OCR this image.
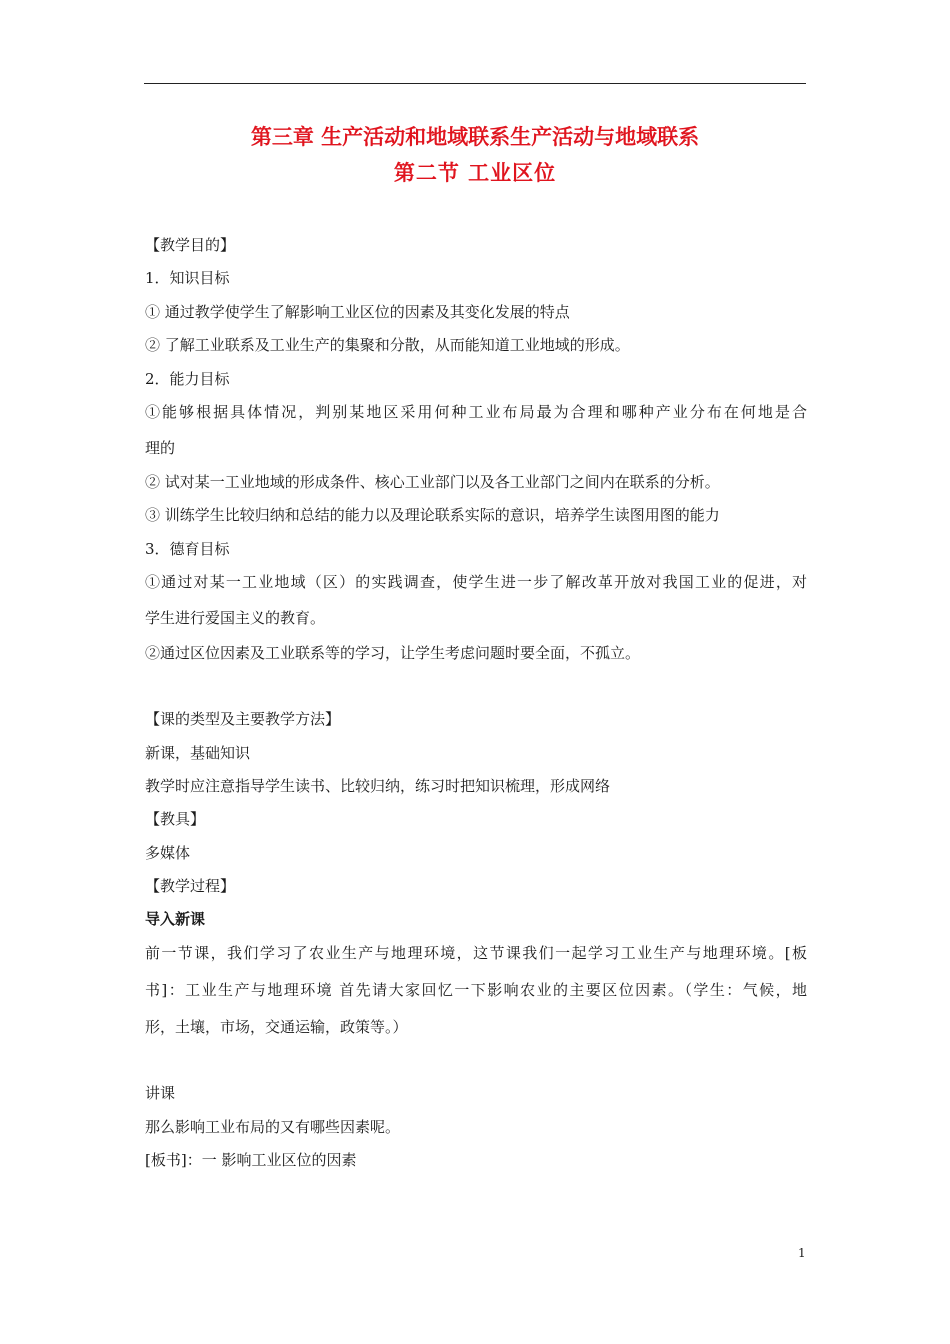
第三章 生产活动和地域联系生产活动与地域联系
第二节 工业区位
【教学目的】
1．知识目标
① 通过教学使学生了解影响工业区位的因素及其变化发展的特点
② 了解工业联系及工业生产的集聚和分散，从而能知道工业地域的形成。
2．能力目标
①能够根据具体情况，判别某地区采用何种工业布局最为合理和哪种产业分布在何地是合
理的
② 试对某一工业地域的形成条件、核心工业部门以及各工业部门之间内在联系的分析。
③ 训练学生比较归纳和总结的能力以及理论联系实际的意识，培养学生读图用图的能力
3．德育目标
①通过对某一工业地域（区）的实践调查，使学生进一步了解改革开放对我国工业的促进，对
学生进行爱国主义的教育。
②通过区位因素及工业联系等的学习，让学生考虑问题时要全面，不孤立。
【课的类型及主要教学方法】
新课，基础知识
教学时应注意指导学生读书、比较归纳，练习时把知识梳理，形成网络
【教具】
多媒体
【教学过程】
导入新课
前一节课，我们学习了农业生产与地理环境，这节课我们一起学习工业生产与地理环境。[板
书]：工业生产与地理环境 首先请大家回忆一下影响农业的主要区位因素。（学生：气候，地
形，土壤，市场，交通运输，政策等。）
讲课
那么影响工业布局的又有哪些因素呢。
[板书]：一 影响工业区位的因素
1
